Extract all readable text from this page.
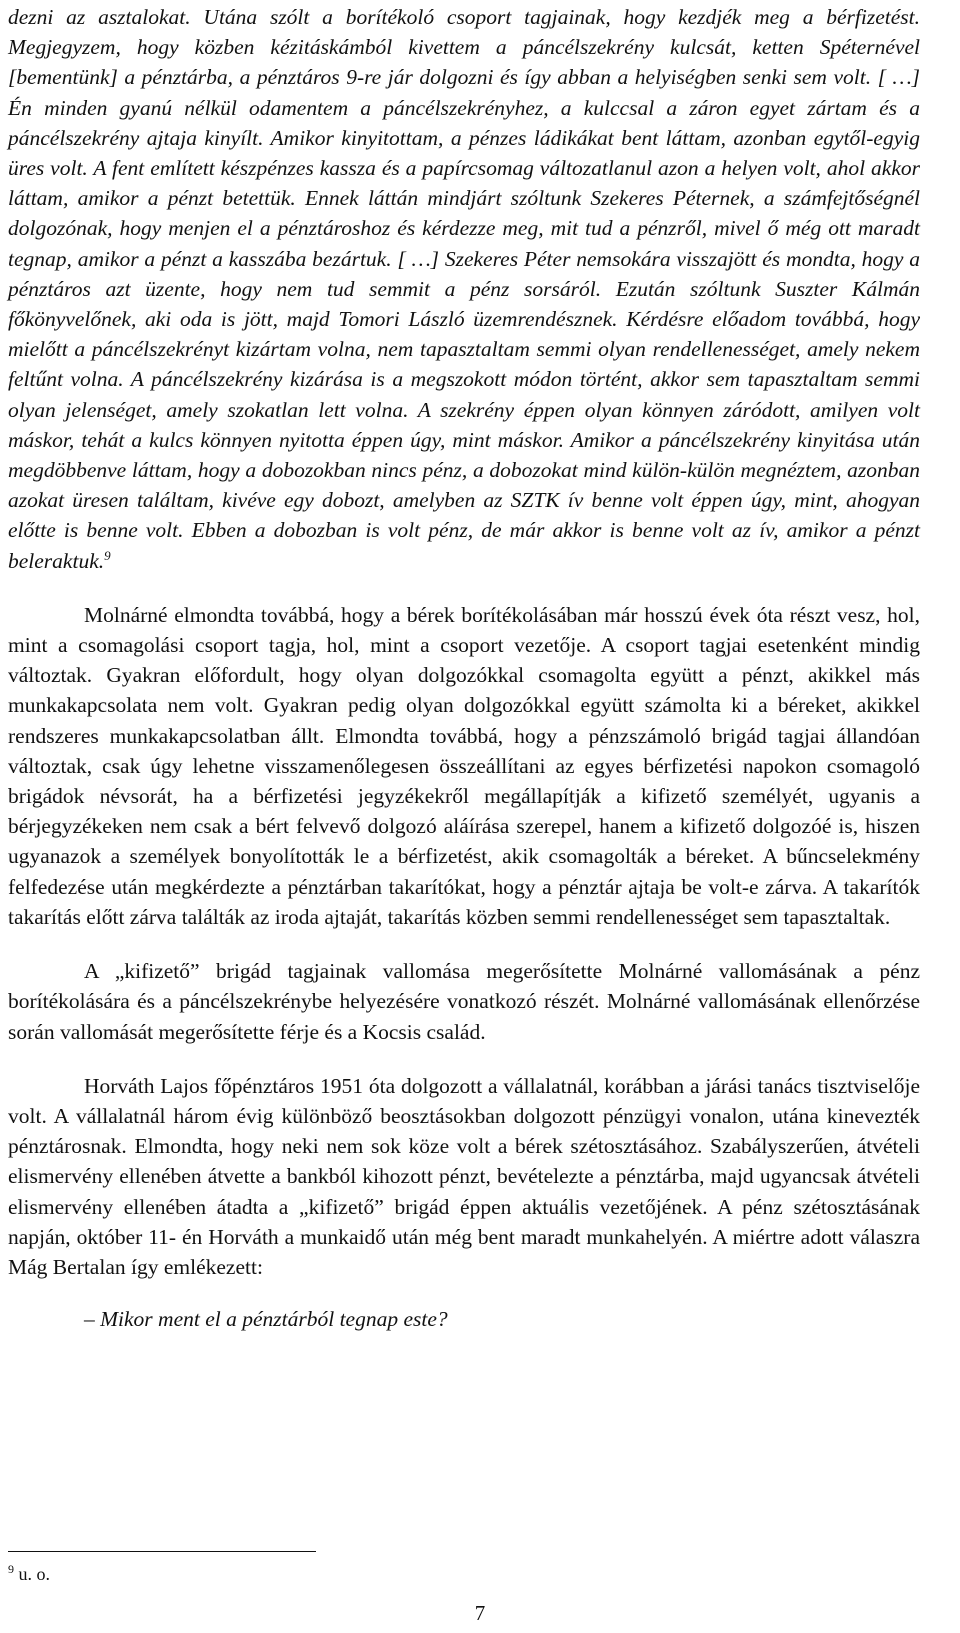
dezni az asztalokat. Utána szólt a borítékoló csoport tagjainak, hogy kezdjék meg a bérfizetést. Megjegyzem, hogy közben kézitáskámból kivettem a páncélszekrény kulcsát, ketten Spéternével [bementünk] a pénztárba, a pénztáros 9-re jár dolgozni és így abban a helyiségben senki sem volt. [ …] Én minden gyanú nélkül odamentem a páncélszekrényhez, a kulccsal a záron egyet zártam és a páncélszekrény ajtaja kinyílt. Amikor kinyitottam, a pénzes ládikákat bent láttam, azonban egytől-egyig üres volt. A fent említett készpénzes kassza és a papírcsomag változatlanul azon a helyen volt, ahol akkor láttam, amikor a pénzt betettük. Ennek láttán mindjárt szóltunk Szekeres Péternek, a számfejtőségnél dolgozónak, hogy menjen el a pénztároshoz és kérdezze meg, mit tud a pénzről, mivel ő még ott maradt tegnap, amikor a pénzt a kasszába bezártuk. [ …] Szekeres Péter nemsokára visszajött és mondta, hogy a pénztáros azt üzente, hogy nem tud semmit a pénz sorsáról. Ezután szóltunk Suszter Kálmán főkönyvelőnek, aki oda is jött, majd Tomori László üzemrendésznek. Kérdésre előadom továbbá, hogy mielőtt a páncélszekrényt kizártam volna, nem tapasztaltam semmi olyan rendellenességet, amely nekem feltűnt volna. A páncélszekrény kizárása is a megszokott módon történt, akkor sem tapasztaltam semmi olyan jelenséget, amely szokatlan lett volna. A szekrény éppen olyan könnyen záródott, amilyen volt máskor, tehát a kulcs könnyen nyitotta éppen úgy, mint máskor. Amikor a páncélszekrény kinyitása után megdöbbenve láttam, hogy a dobozokban nincs pénz, a dobozokat mind külön-külön megnéztem, azonban azokat üresen találtam, kivéve egy dobozt, amelyben az SZTK ív benne volt éppen úgy, mint, ahogyan előtte is benne volt. Ebben a dobozban is volt pénz, de már akkor is benne volt az ív, amikor a pénzt beleraktuk.$^9$

Molnárné elmondta továbbá, hogy a bérek borítékolásában már hosszú évek óta részt vesz, hol, mint a csomagolási csoport tagja, hol, mint a csoport vezetője. A csoport tagjai esetenként mindig változtak. Gyakran előfordult, hogy olyan dolgozókkal csomagolta együtt a pénzt, akikkel más munkakapcsolata nem volt. Gyakran pedig olyan dolgozókkal együtt számolta ki a béreket, akikkel rendszeres munkakapcsolatban állt. Elmondta továbbá, hogy a pénzszámoló brigád tagjai állandóan változtak, csak úgy lehetne visszamenőlegesen összeállítani az egyes bérfizetési napokon csomagoló brigádok névsorát, ha a bérfizetési jegyzékekről megállapítják a kifizető személyét, ugyanis a bérjegyzékeken nem csak a bért felvevő dolgozó aláírása szerepel, hanem a kifizető dolgozóé is, hiszen ugyanazok a személyek bonyolították le a bérfizetést, akik csomagolták a béreket. A bűncselekmény felfedezése után megkérdezte a pénztárban takarítókat, hogy a pénztár ajtaja be volt-e zárva. A takarítók takarítás előtt zárva találták az iroda ajtaját, takarítás közben semmi rendellenességet sem tapasztaltak.

A „kifizető” brigád tagjainak vallomása megerősítette Molnárné vallomásának a pénz borítékolására és a páncélszekrénybe helyezésére vonatkozó részét. Molnárné vallomásának ellenőrzése során vallomását megerősítette férje és a Kocsis család.

Horváth Lajos főpénztáros 1951 óta dolgozott a vállalatnál, korábban a járási tanács tisztviselője volt. A vállalatnál három évig különböző beosztásokban dolgozott pénzügyi vonalon, utána kinevezték pénztárosnak. Elmondta, hogy neki nem sok köze volt a bérek szétosztásához. Szabályszerűen, átvételi elismervény ellenében átvette a bankból kihozott pénzt, bevételezte a pénztárba, majd ugyancsak átvételi elismervény ellenében átadta a „kifizető” brigád éppen aktuális vezetőjének. A pénz szétosztásának napján, október 11- én Horváth a munkaidő után még bent maradt munkahelyén. A miértre adott válaszra Mág Bertalan így emlékezett:

– Mikor ment el a pénztárból tegnap este?

$^9$ u. o.
7
